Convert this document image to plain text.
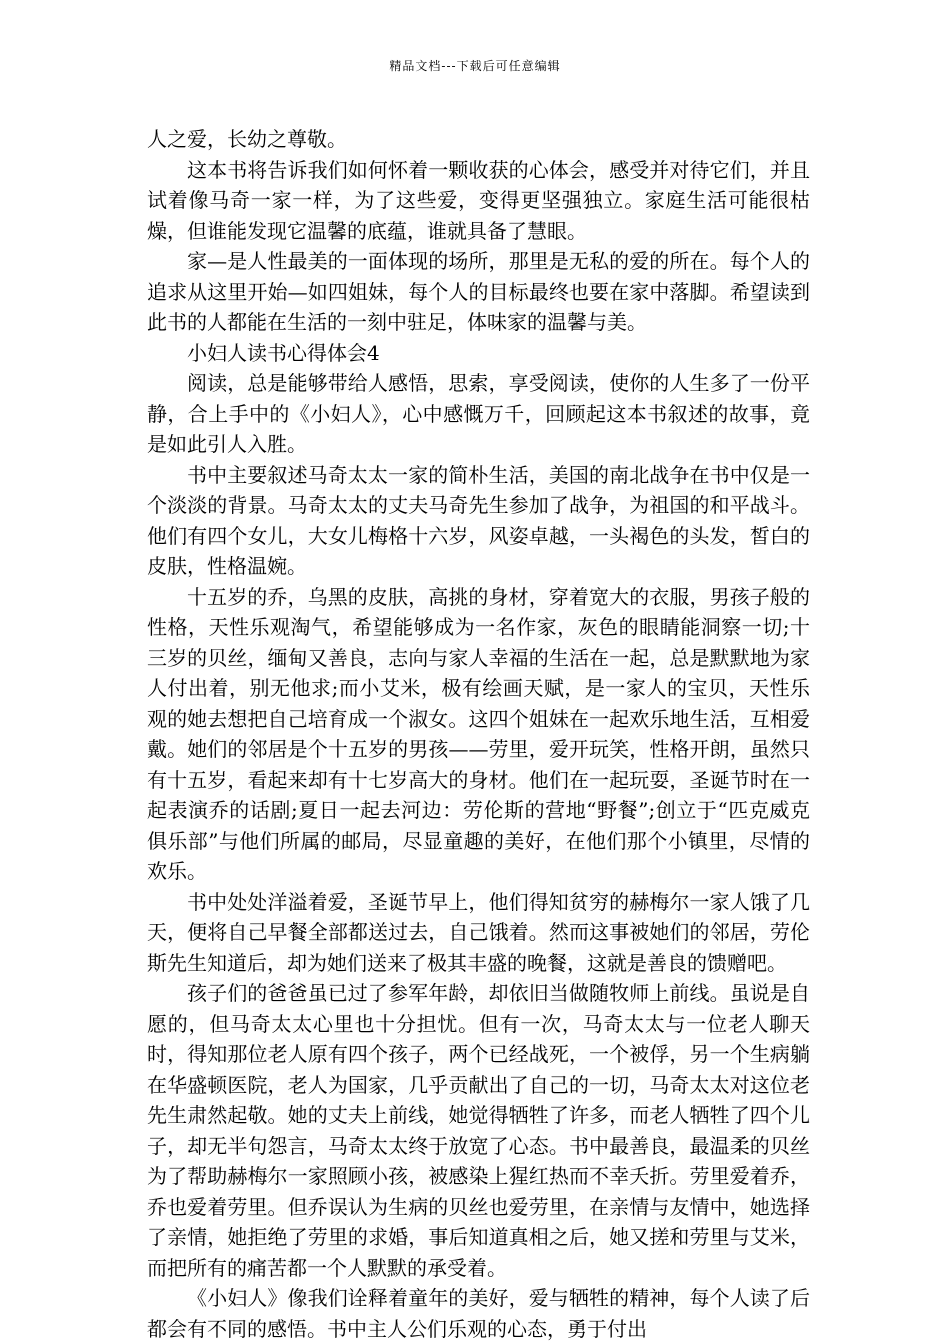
精品文档---下载后可任意编辑

人之爱，长幼之尊敬。

这本书将告诉我们如何怀着一颗收获的心体会，感受并对待它们，并且试着像马奇一家一样，为了这些爱，变得更坚强独立。家庭生活可能很枯燥，但谁能发现它温馨的底蕴，谁就具备了慧眼。

家—是人性最美的一面体现的场所，那里是无私的爱的所在。每个人的追求从这里开始—如四姐妹，每个人的目标最终也要在家中落脚。希望读到此书的人都能在生活的一刻中驻足，体味家的温馨与美。

小妇人读书心得体会4

阅读，总是能够带给人感悟，思索，享受阅读，使你的人生多了一份平静，合上手中的《小妇人》，心中感慨万千，回顾起这本书叙述的故事，竟是如此引人入胜。

书中主要叙述马奇太太一家的简朴生活，美国的南北战争在书中仅是一个淡淡的背景。马奇太太的丈夫马奇先生参加了战争，为祖国的和平战斗。他们有四个女儿，大女儿梅格十六岁，风姿卓越，一头褐色的头发，皙白的皮肤，性格温婉。

十五岁的乔，乌黑的皮肤，高挑的身材，穿着宽大的衣服，男孩子般的性格，天性乐观淘气，希望能够成为一名作家，灰色的眼睛能洞察一切;十三岁的贝丝，缅甸又善良，志向与家人幸福的生活在一起，总是默默地为家人付出着，别无他求;而小艾米，极有绘画天赋，是一家人的宝贝，天性乐观的她去想把自己培育成一个淑女。这四个姐妹在一起欢乐地生活，互相爱戴。她们的邻居是个十五岁的男孩——劳里，爱开玩笑，性格开朗，虽然只有十五岁，看起来却有十七岁高大的身材。他们在一起玩耍，圣诞节时在一起表演乔的话剧;夏日一起去河边：劳伦斯的营地“野餐”;创立于“匹克威克俱乐部”与他们所属的邮局，尽显童趣的美好，在他们那个小镇里，尽情的欢乐。

书中处处洋溢着爱，圣诞节早上，他们得知贫穷的赫梅尔一家人饿了几天，便将自己早餐全部都送过去，自己饿着。然而这事被她们的邻居，劳伦斯先生知道后，却为她们送来了极其丰盛的晚餐，这就是善良的馈赠吧。

孩子们的爸爸虽已过了参军年龄，却依旧当做随牧师上前线。虽说是自愿的，但马奇太太心里也十分担忧。但有一次，马奇太太与一位老人聊天时，得知那位老人原有四个孩子，两个已经战死，一个被俘，另一个生病躺在华盛顿医院，老人为国家，几乎贡献出了自己的一切，马奇太太对这位老先生肃然起敬。她的丈夫上前线，她觉得牺牲了许多，而老人牺牲了四个儿子，却无半句怨言，马奇太太终于放宽了心态。书中最善良，最温柔的贝丝为了帮助赫梅尔一家照顾小孩，被感染上猩红热而不幸夭折。劳里爱着乔，乔也爱着劳里。但乔误认为生病的贝丝也爱劳里，在亲情与友情中，她选择了亲情，她拒绝了劳里的求婚，事后知道真相之后，她又搓和劳里与艾米，而把所有的痛苦都一个人默默的承受着。

《小妇人》像我们诠释着童年的美好，爱与牺牲的精神，每个人读了后都会有不同的感悟。书中主人公们乐观的心态，勇于付出
